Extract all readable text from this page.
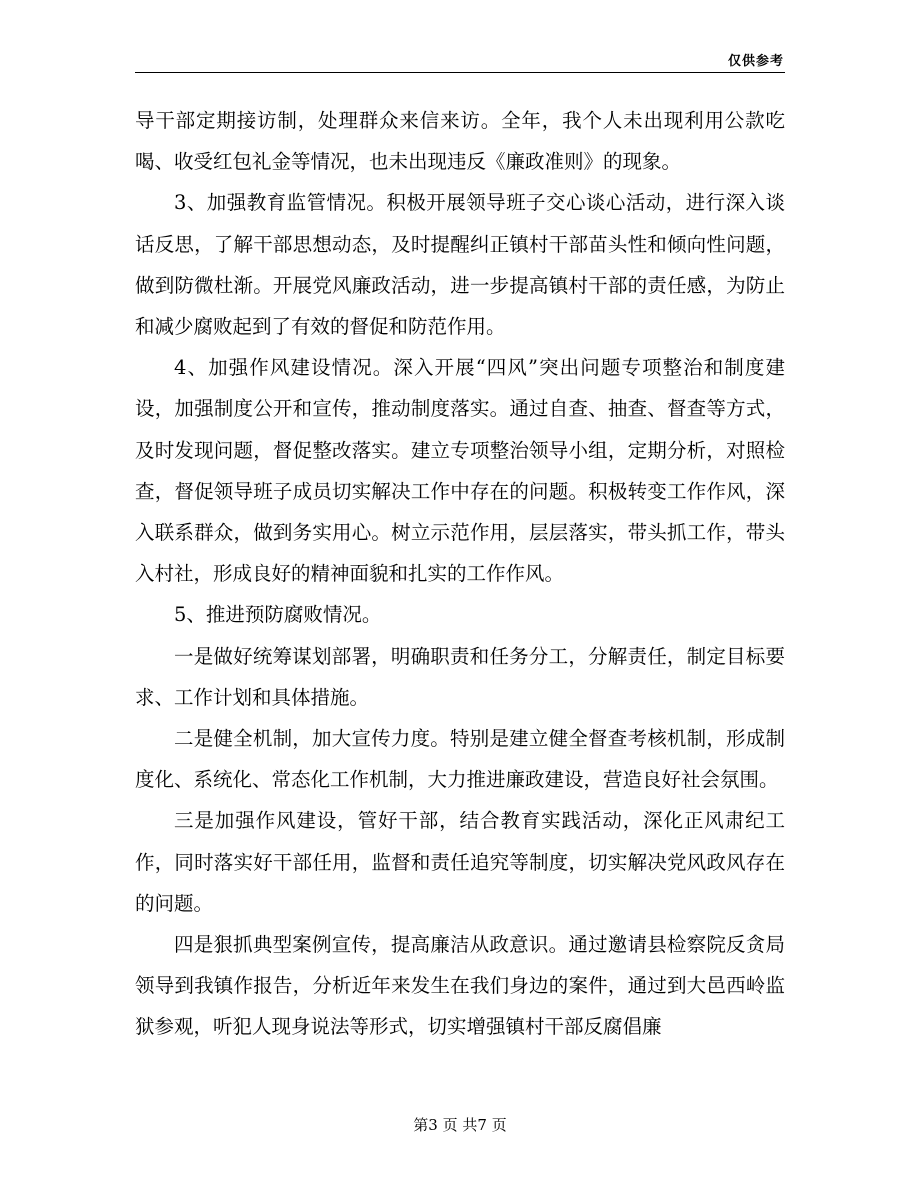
仅供参考

导干部定期接访制，处理群众来信来访。全年，我个人未出现利用公款吃喝、收受红包礼金等情况，也未出现违反《廉政准则》的现象。

3、加强教育监管情况。积极开展领导班子交心谈心活动，进行深入谈话反思，了解干部思想动态，及时提醒纠正镇村干部苗头性和倾向性问题，做到防微杜渐。开展党风廉政活动，进一步提高镇村干部的责任感，为防止和减少腐败起到了有效的督促和防范作用。

4、加强作风建设情况。深入开展“四风”突出问题专项整治和制度建设，加强制度公开和宣传，推动制度落实。通过自查、抽查、督查等方式，及时发现问题，督促整改落实。建立专项整治领导小组，定期分析，对照检查，督促领导班子成员切实解决工作中存在的问题。积极转变工作作风，深入联系群众，做到务实用心。树立示范作用，层层落实，带头抓工作，带头入村社，形成良好的精神面貌和扎实的工作作风。

5、推进预防腐败情况。

一是做好统筹谋划部署，明确职责和任务分工，分解责任，制定目标要求、工作计划和具体措施。

二是健全机制，加大宣传力度。特别是建立健全督查考核机制，形成制度化、系统化、常态化工作机制，大力推进廉政建设，营造良好社会氛围。

三是加强作风建设，管好干部，结合教育实践活动，深化正风肃纪工作，同时落实好干部任用，监督和责任追究等制度，切实解决党风政风存在的问题。

四是狠抓典型案例宣传，提高廉洁从政意识。通过邀请县检察院反贪局领导到我镇作报告，分析近年来发生在我们身边的案件，通过到大邑西岭监狱参观，听犯人现身说法等形式，切实增强镇村干部反腐倡廉

第3 页 共7 页
